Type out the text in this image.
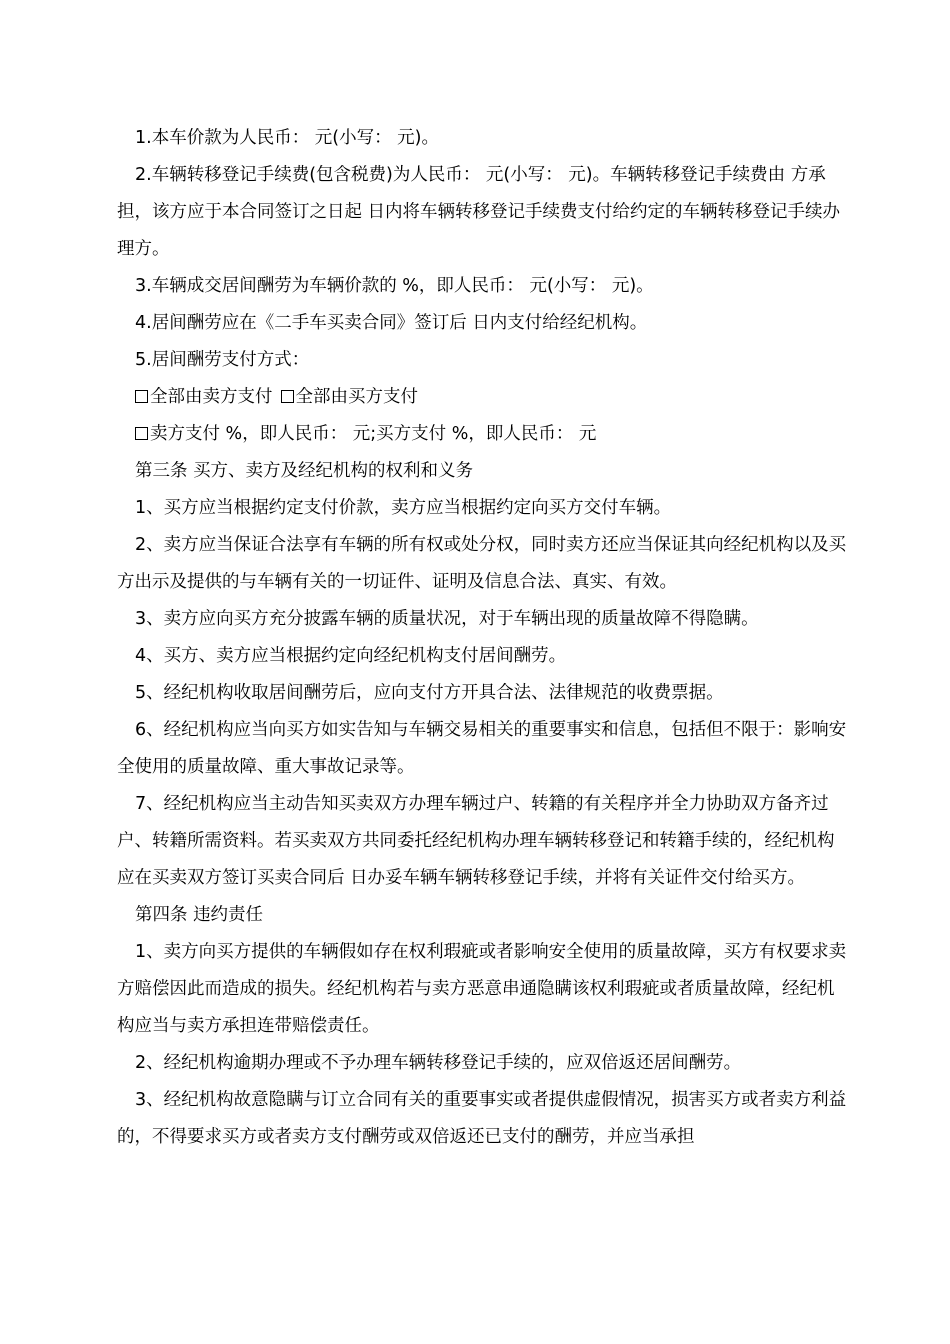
1.本车价款为人民币： 元(小写： 元)。

2.车辆转移登记手续费(包含税费)为人民币： 元(小写： 元)。车辆转移登记手续费由 方承担，该方应于本合同签订之日起 日内将车辆转移登记手续费支付给约定的车辆转移登记手续办理方。

3.车辆成交居间酬劳为车辆价款的 %，即人民币： 元(小写： 元)。

4.居间酬劳应在《二手车买卖合同》签订后 日内支付给经纪机构。

5.居间酬劳支付方式：

全部由卖方支付 全部由买方支付
卖方支付 %，即人民币： 元;买方支付 %，即人民币： 元

第三条 买方、卖方及经纪机构的权利和义务

1、买方应当根据约定支付价款，卖方应当根据约定向买方交付车辆。

2、卖方应当保证合法享有车辆的所有权或处分权，同时卖方还应当保证其向经纪机构以及买方出示及提供的与车辆有关的一切证件、证明及信息合法、真实、有效。

3、卖方应向买方充分披露车辆的质量状况，对于车辆出现的质量故障不得隐瞒。

4、买方、卖方应当根据约定向经纪机构支付居间酬劳。

5、经纪机构收取居间酬劳后，应向支付方开具合法、法律规范的收费票据。

6、经纪机构应当向买方如实告知与车辆交易相关的重要事实和信息，包括但不限于：影响安全使用的质量故障、重大事故记录等。

7、经纪机构应当主动告知买卖双方办理车辆过户、转籍的有关程序并全力协助双方备齐过户、转籍所需资料。若买卖双方共同委托经纪机构办理车辆转移登记和转籍手续的，经纪机构应在买卖双方签订买卖合同后 日办妥车辆车辆转移登记手续，并将有关证件交付给买方。

第四条 违约责任

1、卖方向买方提供的车辆假如存在权利瑕疵或者影响安全使用的质量故障，买方有权要求卖方赔偿因此而造成的损失。经纪机构若与卖方恶意串通隐瞒该权利瑕疵或者质量故障，经纪机构应当与卖方承担连带赔偿责任。

2、经纪机构逾期办理或不予办理车辆转移登记手续的，应双倍返还居间酬劳。

3、经纪机构故意隐瞒与订立合同有关的重要事实或者提供虚假情况，损害买方或者卖方利益的，不得要求买方或者卖方支付酬劳或双倍返还已支付的酬劳，并应当承担
